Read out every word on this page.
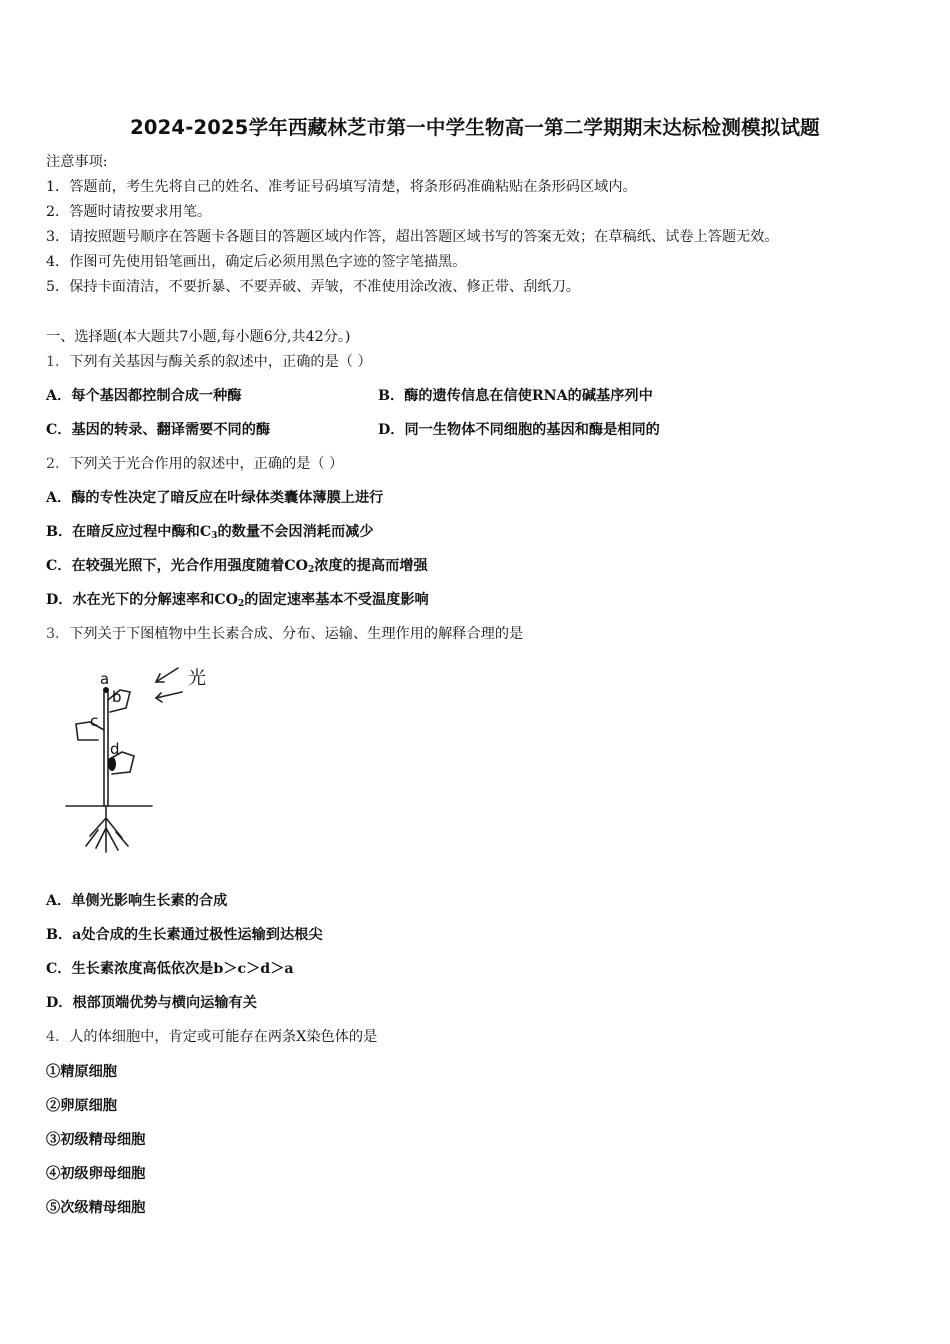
2024-2025学年西藏林芝市第一中学生物高一第二学期期末达标检测模拟试题
注意事项:
1．答题前，考生先将自己的姓名、准考证号码填写清楚，将条形码准确粘贴在条形码区域内。
2．答题时请按要求用笔。
3．请按照题号顺序在答题卡各题目的答题区域内作答，超出答题区域书写的答案无效；在草稿纸、试卷上答题无效。
4．作图可先使用铅笔画出，确定后必须用黑色字迹的签字笔描黑。
5．保持卡面清洁，不要折暴、不要弄破、弄皱，不准使用涂改液、修正带、刮纸刀。
一、选择题(本大题共7小题,每小题6分,共42分。)
1．下列有关基因与酶关系的叙述中，正确的是（ ）
A．每个基因都控制合成一种酶	B．酶的遗传信息在信使RNA的碱基序列中
C．基因的转录、翻译需要不同的酶	D．同一生物体不同细胞的基因和酶是相同的
2．下列关于光合作用的叙述中，正确的是（ ）
A．酶的专性决定了暗反应在叶绿体类囊体薄膜上进行
B．在暗反应过程中酶和$C_3$的数量不会因消耗而减少
C．在较强光照下，光合作用强度随着$CO_2$浓度的提高而增强
D．水在光下的分解速率和$CO_2$的固定速率基本不受温度影响
3．下列关于下图植物中生长素合成、分布、运输、生理作用的解释合理的是
a
b
c
d
光
A．单侧光影响生长素的合成
B．a处合成的生长素通过极性运输到达根尖
C．生长素浓度高低依次是b＞c＞d＞a
D．根部顶端优势与横向运输有关
4．人的体细胞中，肯定或可能存在两条X染色体的是
①精原细胞
②卵原细胞
③初级精母细胞
④初级卵母细胞
⑤次级精母细胞
